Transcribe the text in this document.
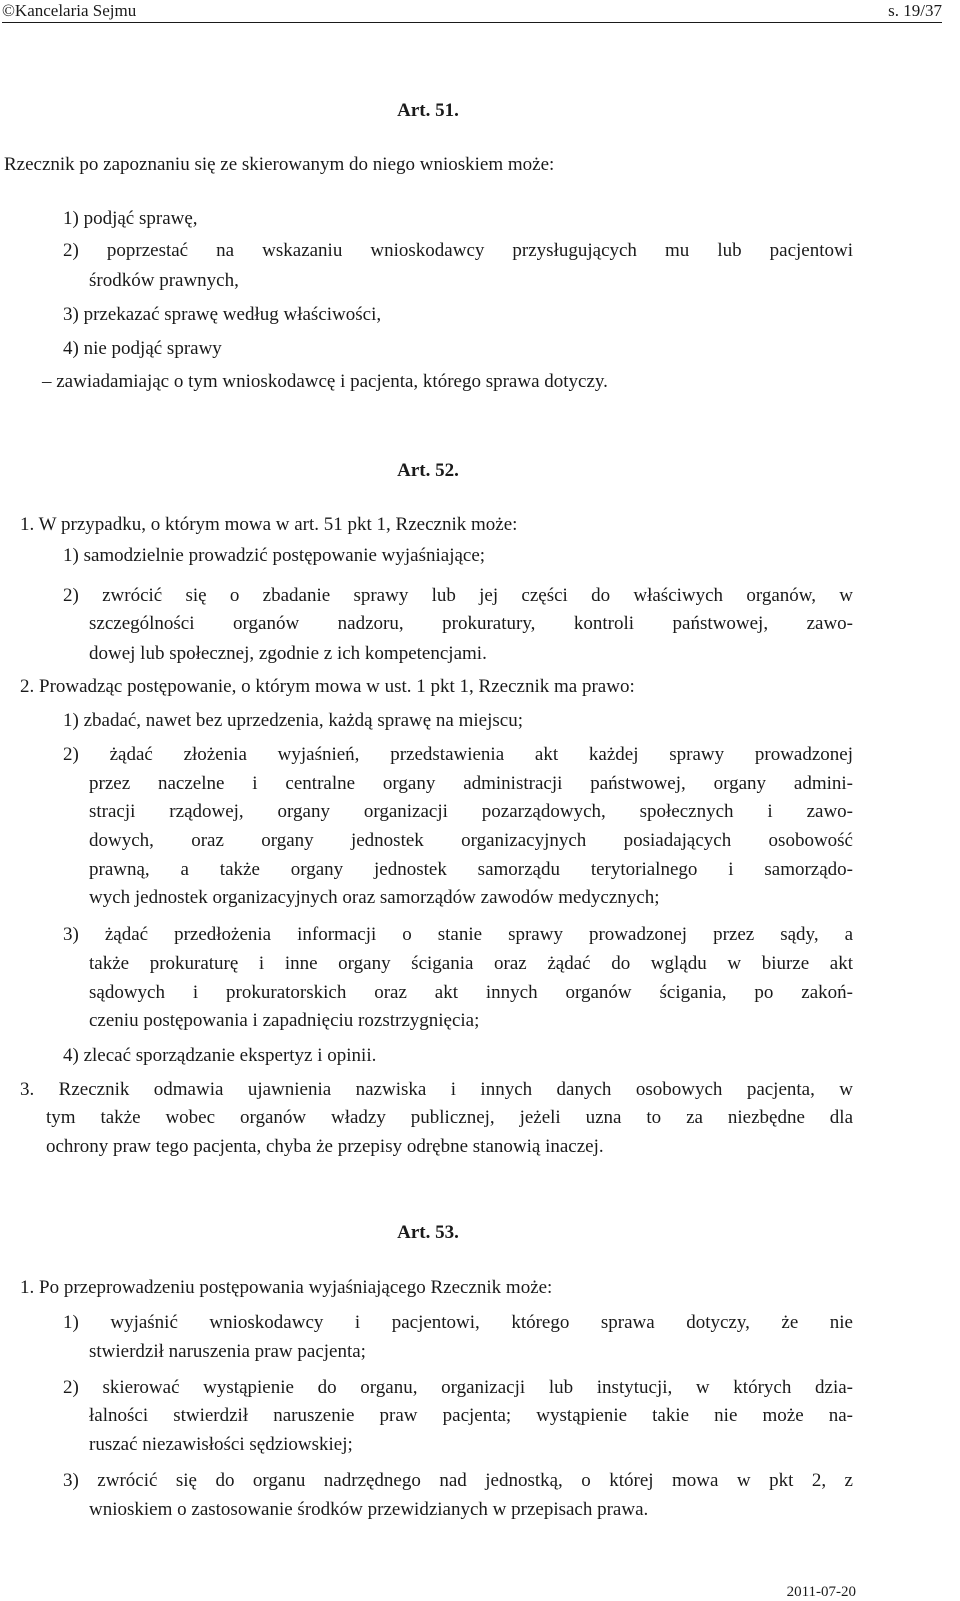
©Kancelaria Sejmu	s. 19/37
Art. 51.
Rzecznik po zapoznaniu się ze skierowanym do niego wnioskiem może:
1) podjąć sprawę,
2) poprzestać na wskazaniu wnioskodawcy przysługujących mu lub pacjentowi
środków prawnych,
3) przekazać sprawę według właściwości,
4) nie podjąć sprawy
– zawiadamiając o tym wnioskodawcę i pacjenta, którego sprawa dotyczy.
Art. 52.
1. W przypadku, o którym mowa w art. 51 pkt 1, Rzecznik może:
1) samodzielnie prowadzić postępowanie wyjaśniające;
2) zwrócić się o zbadanie sprawy lub jej części do właściwych organów, w
szczególności organów nadzoru, prokuratury, kontroli państwowej, zawo-
dowej lub społecznej, zgodnie z ich kompetencjami.
2. Prowadząc postępowanie, o którym mowa w ust. 1 pkt 1, Rzecznik ma prawo:
1) zbadać, nawet bez uprzedzenia, każdą sprawę na miejscu;
2) żądać złożenia wyjaśnień, przedstawienia akt każdej sprawy prowadzonej
przez naczelne i centralne organy administracji państwowej, organy admini-
stracji rządowej, organy organizacji pozarządowych, społecznych i zawo-
dowych, oraz organy jednostek organizacyjnych posiadających osobowość
prawną, a także organy jednostek samorządu terytorialnego i samorządo-
wych jednostek organizacyjnych oraz samorządów zawodów medycznych;
3) żądać przedłożenia informacji o stanie sprawy prowadzonej przez sądy, a
także prokuraturę i inne organy ścigania oraz żądać do wglądu w biurze akt
sądowych i prokuratorskich oraz akt innych organów ścigania, po zakoń-
czeniu postępowania i zapadnięciu rozstrzygnięcia;
4) zlecać sporządzanie ekspertyz i opinii.
3. Rzecznik odmawia ujawnienia nazwiska i innych danych osobowych pacjenta, w
tym także wobec organów władzy publicznej, jeżeli uzna to za niezbędne dla
ochrony praw tego pacjenta, chyba że przepisy odrębne stanowią inaczej.
Art. 53.
1. Po przeprowadzeniu postępowania wyjaśniającego Rzecznik może:
1) wyjaśnić wnioskodawcy i pacjentowi, którego sprawa dotyczy, że nie
stwierdził naruszenia praw pacjenta;
2) skierować wystąpienie do organu, organizacji lub instytucji, w których dzia-
łalności stwierdził naruszenie praw pacjenta; wystąpienie takie nie może na-
ruszać niezawisłości sędziowskiej;
3) zwrócić się do organu nadrzędnego nad jednostką, o której mowa w pkt 2, z
wnioskiem o zastosowanie środków przewidzianych w przepisach prawa.
2011-07-20
